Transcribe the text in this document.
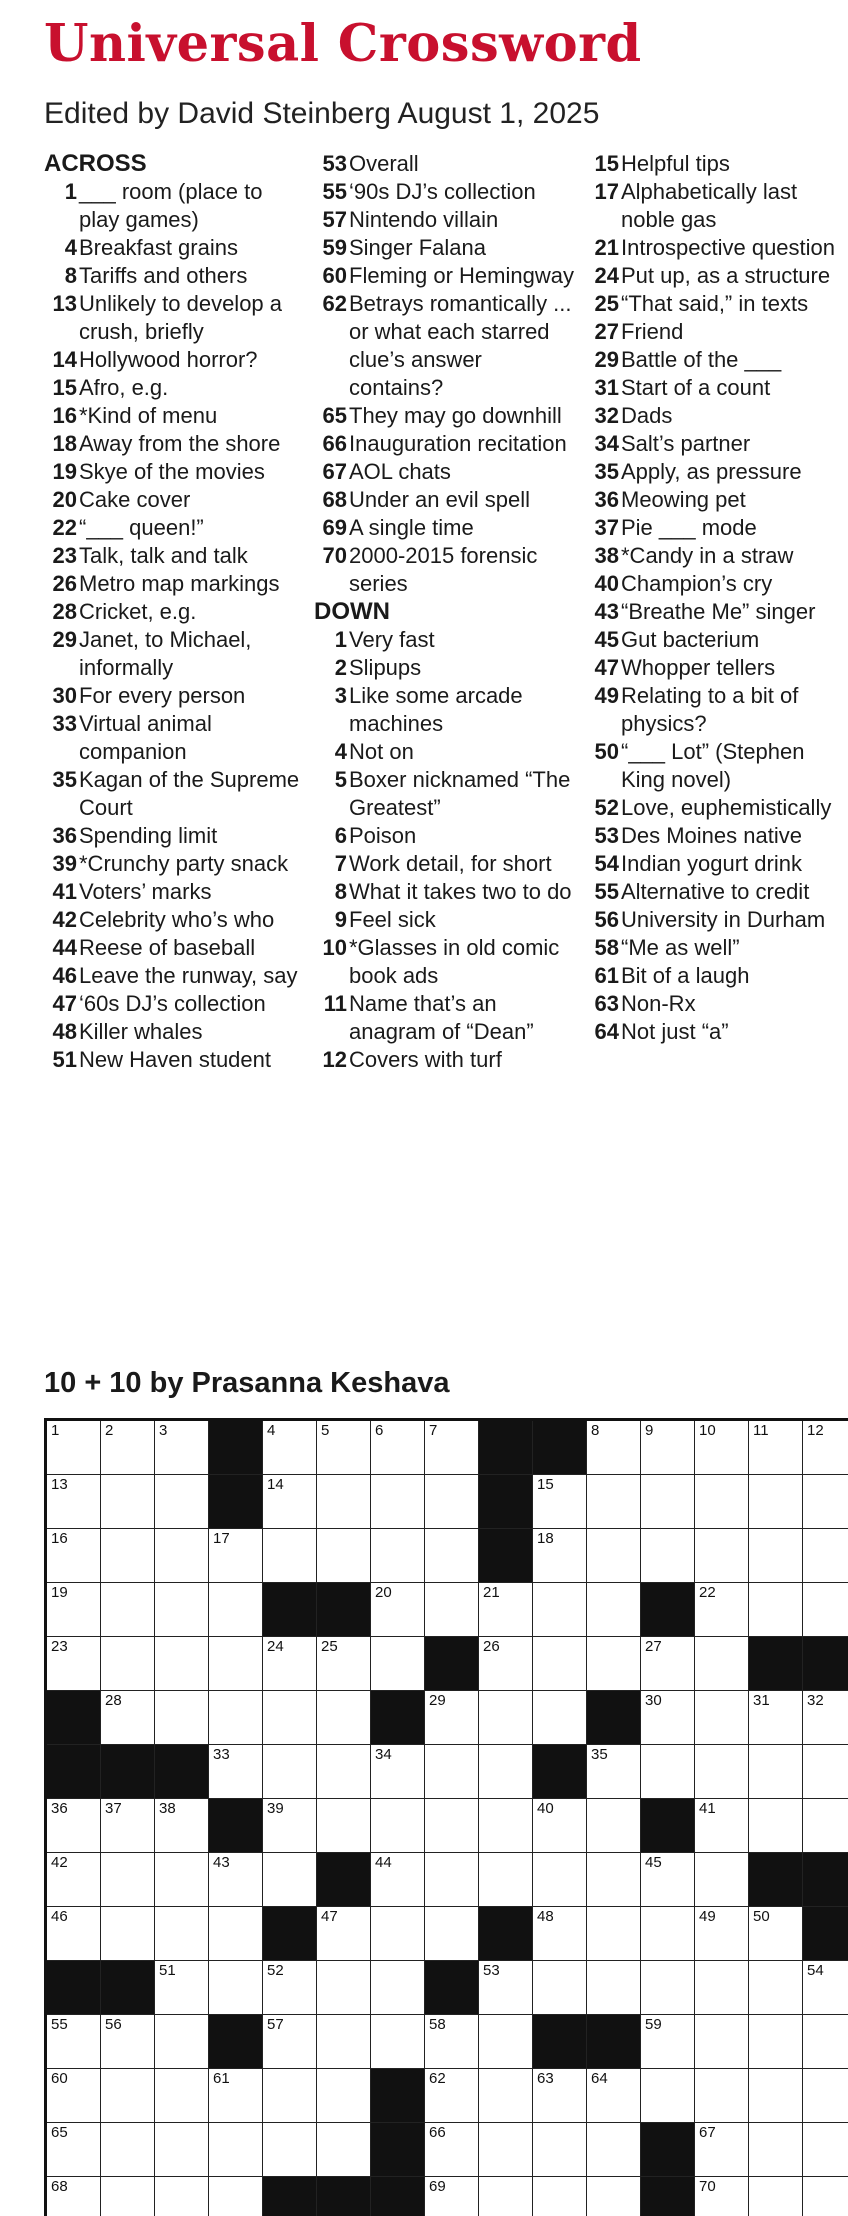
Universal Crossword
Edited by David Steinberg August 1, 2025
ACROSS
1 ___ room (place to play games)
4 Breakfast grains
8 Tariffs and others
13 Unlikely to develop a crush, briefly
14 Hollywood horror?
15 Afro, e.g.
16 *Kind of menu
18 Away from the shore
19 Skye of the movies
20 Cake cover
22 “___ queen!”
23 Talk, talk and talk
26 Metro map markings
28 Cricket, e.g.
29 Janet, to Michael, informally
30 For every person
33 Virtual animal companion
35 Kagan of the Supreme Court
36 Spending limit
39 *Crunchy party snack
41 Voters’ marks
42 Celebrity who’s who
44 Reese of baseball
46 Leave the runway, say
47 ‘60s DJ’s collection
48 Killer whales
51 New Haven student
53 Overall
55 ‘90s DJ’s collection
57 Nintendo villain
59 Singer Falana
60 Fleming or Hemingway
62 Betrays romantically ... or what each starred clue’s answer contains?
65 They may go downhill
66 Inauguration recitation
67 AOL chats
68 Under an evil spell
69 A single time
70 2000-2015 forensic series
DOWN
1 Very fast
2 Slipups
3 Like some arcade machines
4 Not on
5 Boxer nicknamed “The Greatest”
6 Poison
7 Work detail, for short
8 What it takes two to do
9 Feel sick
10 *Glasses in old comic book ads
11 Name that’s an anagram of “Dean”
12 Covers with turf
15 Helpful tips
17 Alphabetically last noble gas
21 Introspective question
24 Put up, as a structure
25 “That said,” in texts
27 Friend
29 Battle of the ___
31 Start of a count
32 Dads
34 Salt’s partner
35 Apply, as pressure
36 Meowing pet
37 Pie ___ mode
38 *Candy in a straw
40 Champion’s cry
43 “Breathe Me” singer
45 Gut bacterium
47 Whopper tellers
49 Relating to a bit of physics?
50 “___ Lot” (Stephen King novel)
52 Love, euphemistically
53 Des Moines native
54 Indian yogurt drink
55 Alternative to credit
56 University in Durham
58 “Me as well”
61 Bit of a laugh
63 Non-Rx
64 Not just “a”
10 + 10 by Prasanna Keshava
1	2	3	4	5	6	7	8	9	10 11	12
13	14	15
16	17	18
19	20	21	22
23	24 25	26	27
28	29	30	31 32
33	34	35
36 37 38	39	40	41
42	43	44	45
46	47	48	49 50
51	52	53	54
55 56	57	58	59
60	61	62	63 64
65	66	67
68	69	70
